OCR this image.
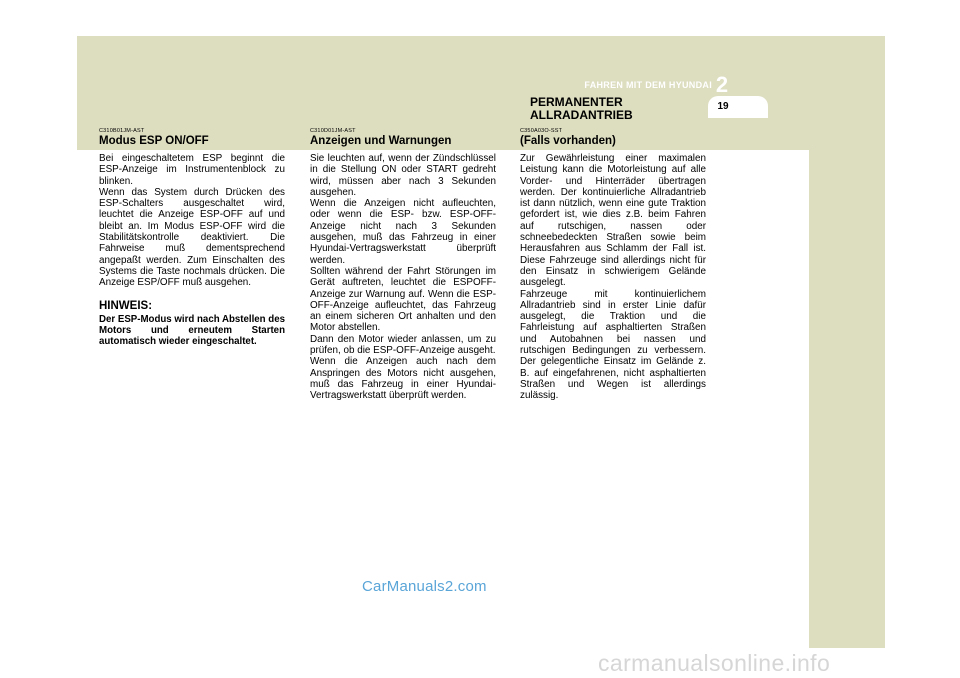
PERMANENTER ALLRADANTRIEB
19
2
FAHREN MIT DEM HYUNDAI
C310B01JM-AST
Modus ESP ON/OFF

Bei eingeschaltetem ESP beginnt die ESP-Anzeige im Instrumentenblock zu blinken.
Wenn das System durch Drücken des ESP-Schalters ausgeschaltet wird, leuchtet die Anzeige ESP-OFF auf und bleibt an. Im Modus ESP-OFF wird die Stabilitätskontrolle deaktiviert. Die Fahrweise muß dementsprechend angepaßt werden. Zum Einschalten des Systems die Taste nochmals drücken. Die Anzeige ESP/OFF muß ausgehen.

HINWEIS:

Der ESP-Modus wird nach Abstellen des Motors und erneutem Starten automatisch wieder eingeschaltet.

C310D01JM-AST
Anzeigen und Warnungen

Sie leuchten auf, wenn der Zündschlüssel in die Stellung ON oder START gedreht wird, müssen aber nach 3 Sekunden ausgehen.
Wenn die Anzeigen nicht aufleuchten, oder wenn die ESP- bzw. ESP-OFF-Anzeige nicht nach 3 Sekunden ausgehen, muß das Fahrzeug in einer Hyundai-Vertragswerkstatt überprüft werden.
Sollten während der Fahrt Störungen im Gerät auftreten, leuchtet die ESPOFF-Anzeige zur Warnung auf. Wenn die ESP-OFF-Anzeige aufleuchtet, das Fahrzeug an einem sicheren Ort anhalten und den Motor abstellen.
Dann den Motor wieder anlassen, um zu prüfen, ob die ESP-OFF-Anzeige ausgeht.
Wenn die Anzeigen auch nach dem Anspringen des Motors nicht ausgehen, muß das Fahrzeug in einer Hyundai-Vertragswerkstatt überprüft werden.

C350A03O-SST
(Falls vorhanden)

Zur Gewährleistung einer maximalen Leistung kann die Motorleistung auf alle Vorder- und Hinterräder übertragen werden. Der kontinuierliche Allradantrieb ist dann nützlich, wenn eine gute Traktion gefordert ist, wie dies z.B. beim Fahren auf rutschigen, nassen oder schneebedeckten Straßen sowie beim Herausfahren aus Schlamm der Fall ist. Diese Fahrzeuge sind allerdings nicht für den Einsatz in schwierigem Gelände ausgelegt.
Fahrzeuge mit kontinuierlichem Allradantrieb sind in erster Linie dafür ausgelegt, die Traktion und die Fahrleistung auf asphaltierten Straßen und Autobahnen bei nassen und rutschigen Bedingungen zu verbessern. Der gelegentliche Einsatz im Gelände z. B. auf eingefahrenen, nicht asphaltierten Straßen und Wegen ist allerdings zulässig.

CarManuals2.com
carmanualsonline.info
